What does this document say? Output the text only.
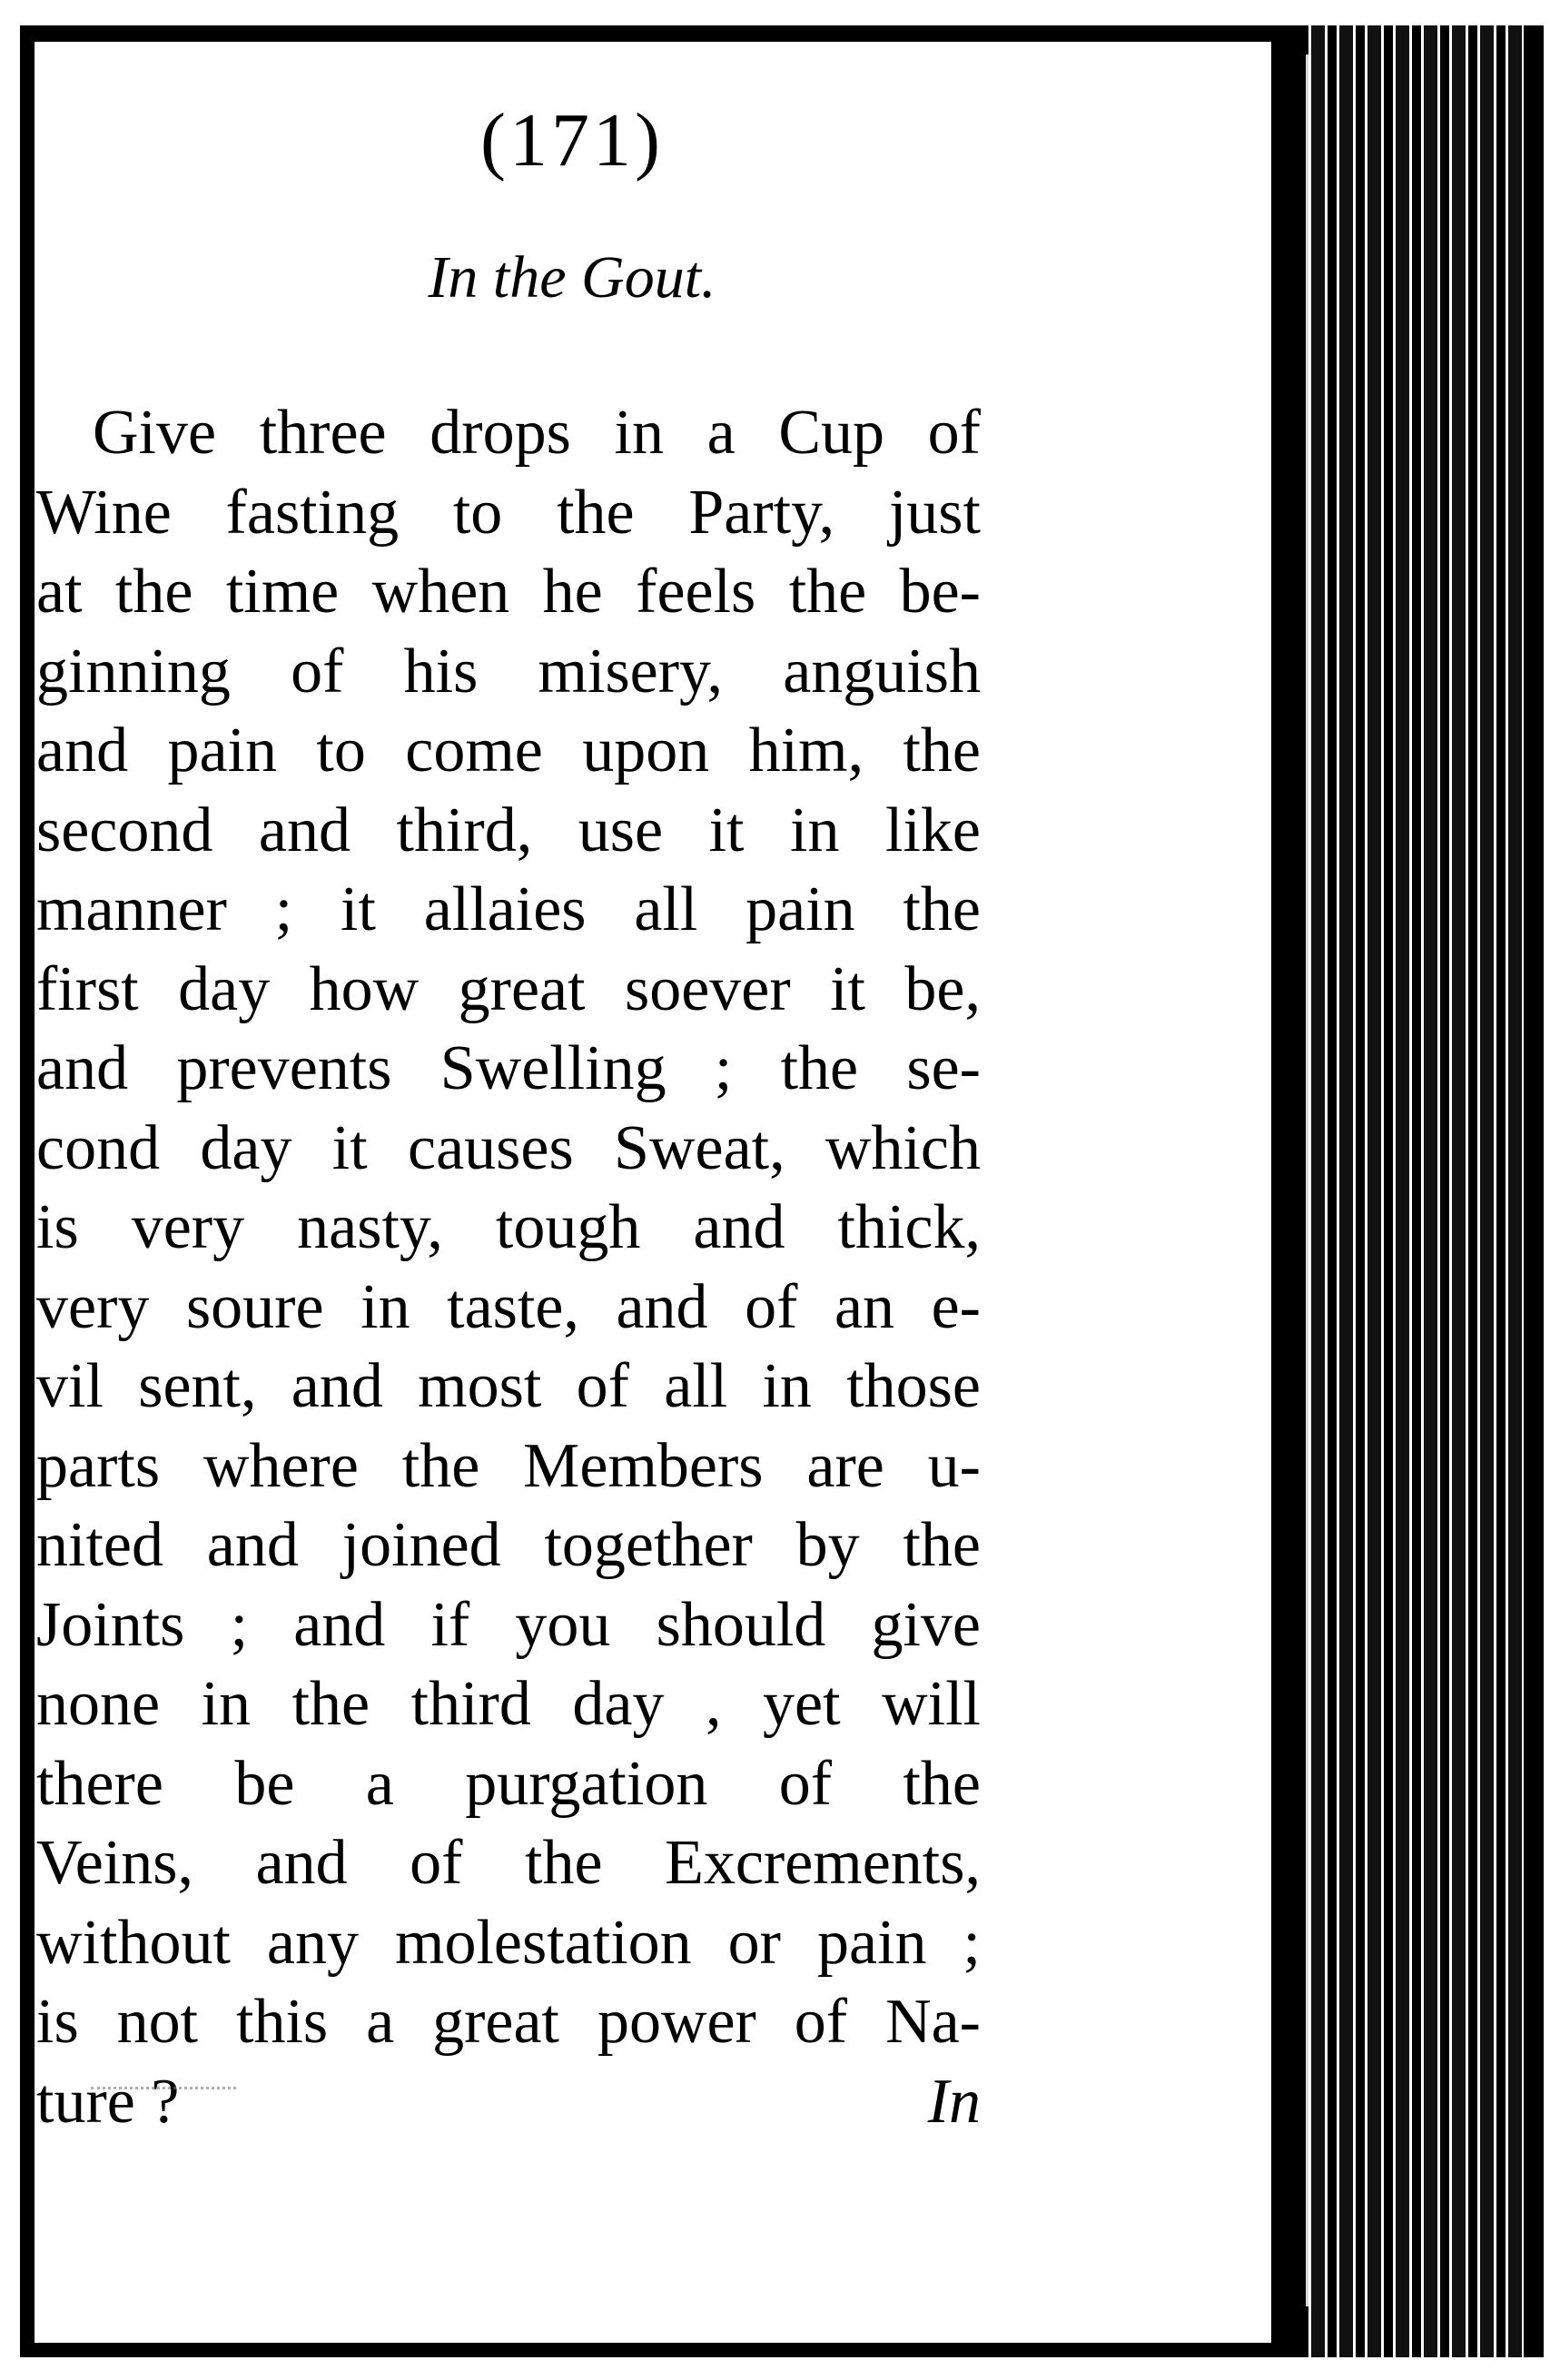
(171)
In the Gout.
Give three drops in a Cup of
Wine fasting to the Party, just
at the time when he feels the be-
ginning of his misery, anguish
and pain to come upon him, the
second and third, use it in like
manner ; it allaies all pain the
first day how great soever it be,
and prevents Swelling ; the se-
cond day it causes Sweat, which
is very nasty, tough and thick,
very soure in taste, and of an e-
vil sent, and most of all in those
parts where the Members are u-
nited and joined together by the
Joints ; and if you should give
none in the third day , yet will
there be a purgation of the
Veins, and of the Excrements,
without any molestation or pain ;
is not this a great power of Na-
ture ?	In
